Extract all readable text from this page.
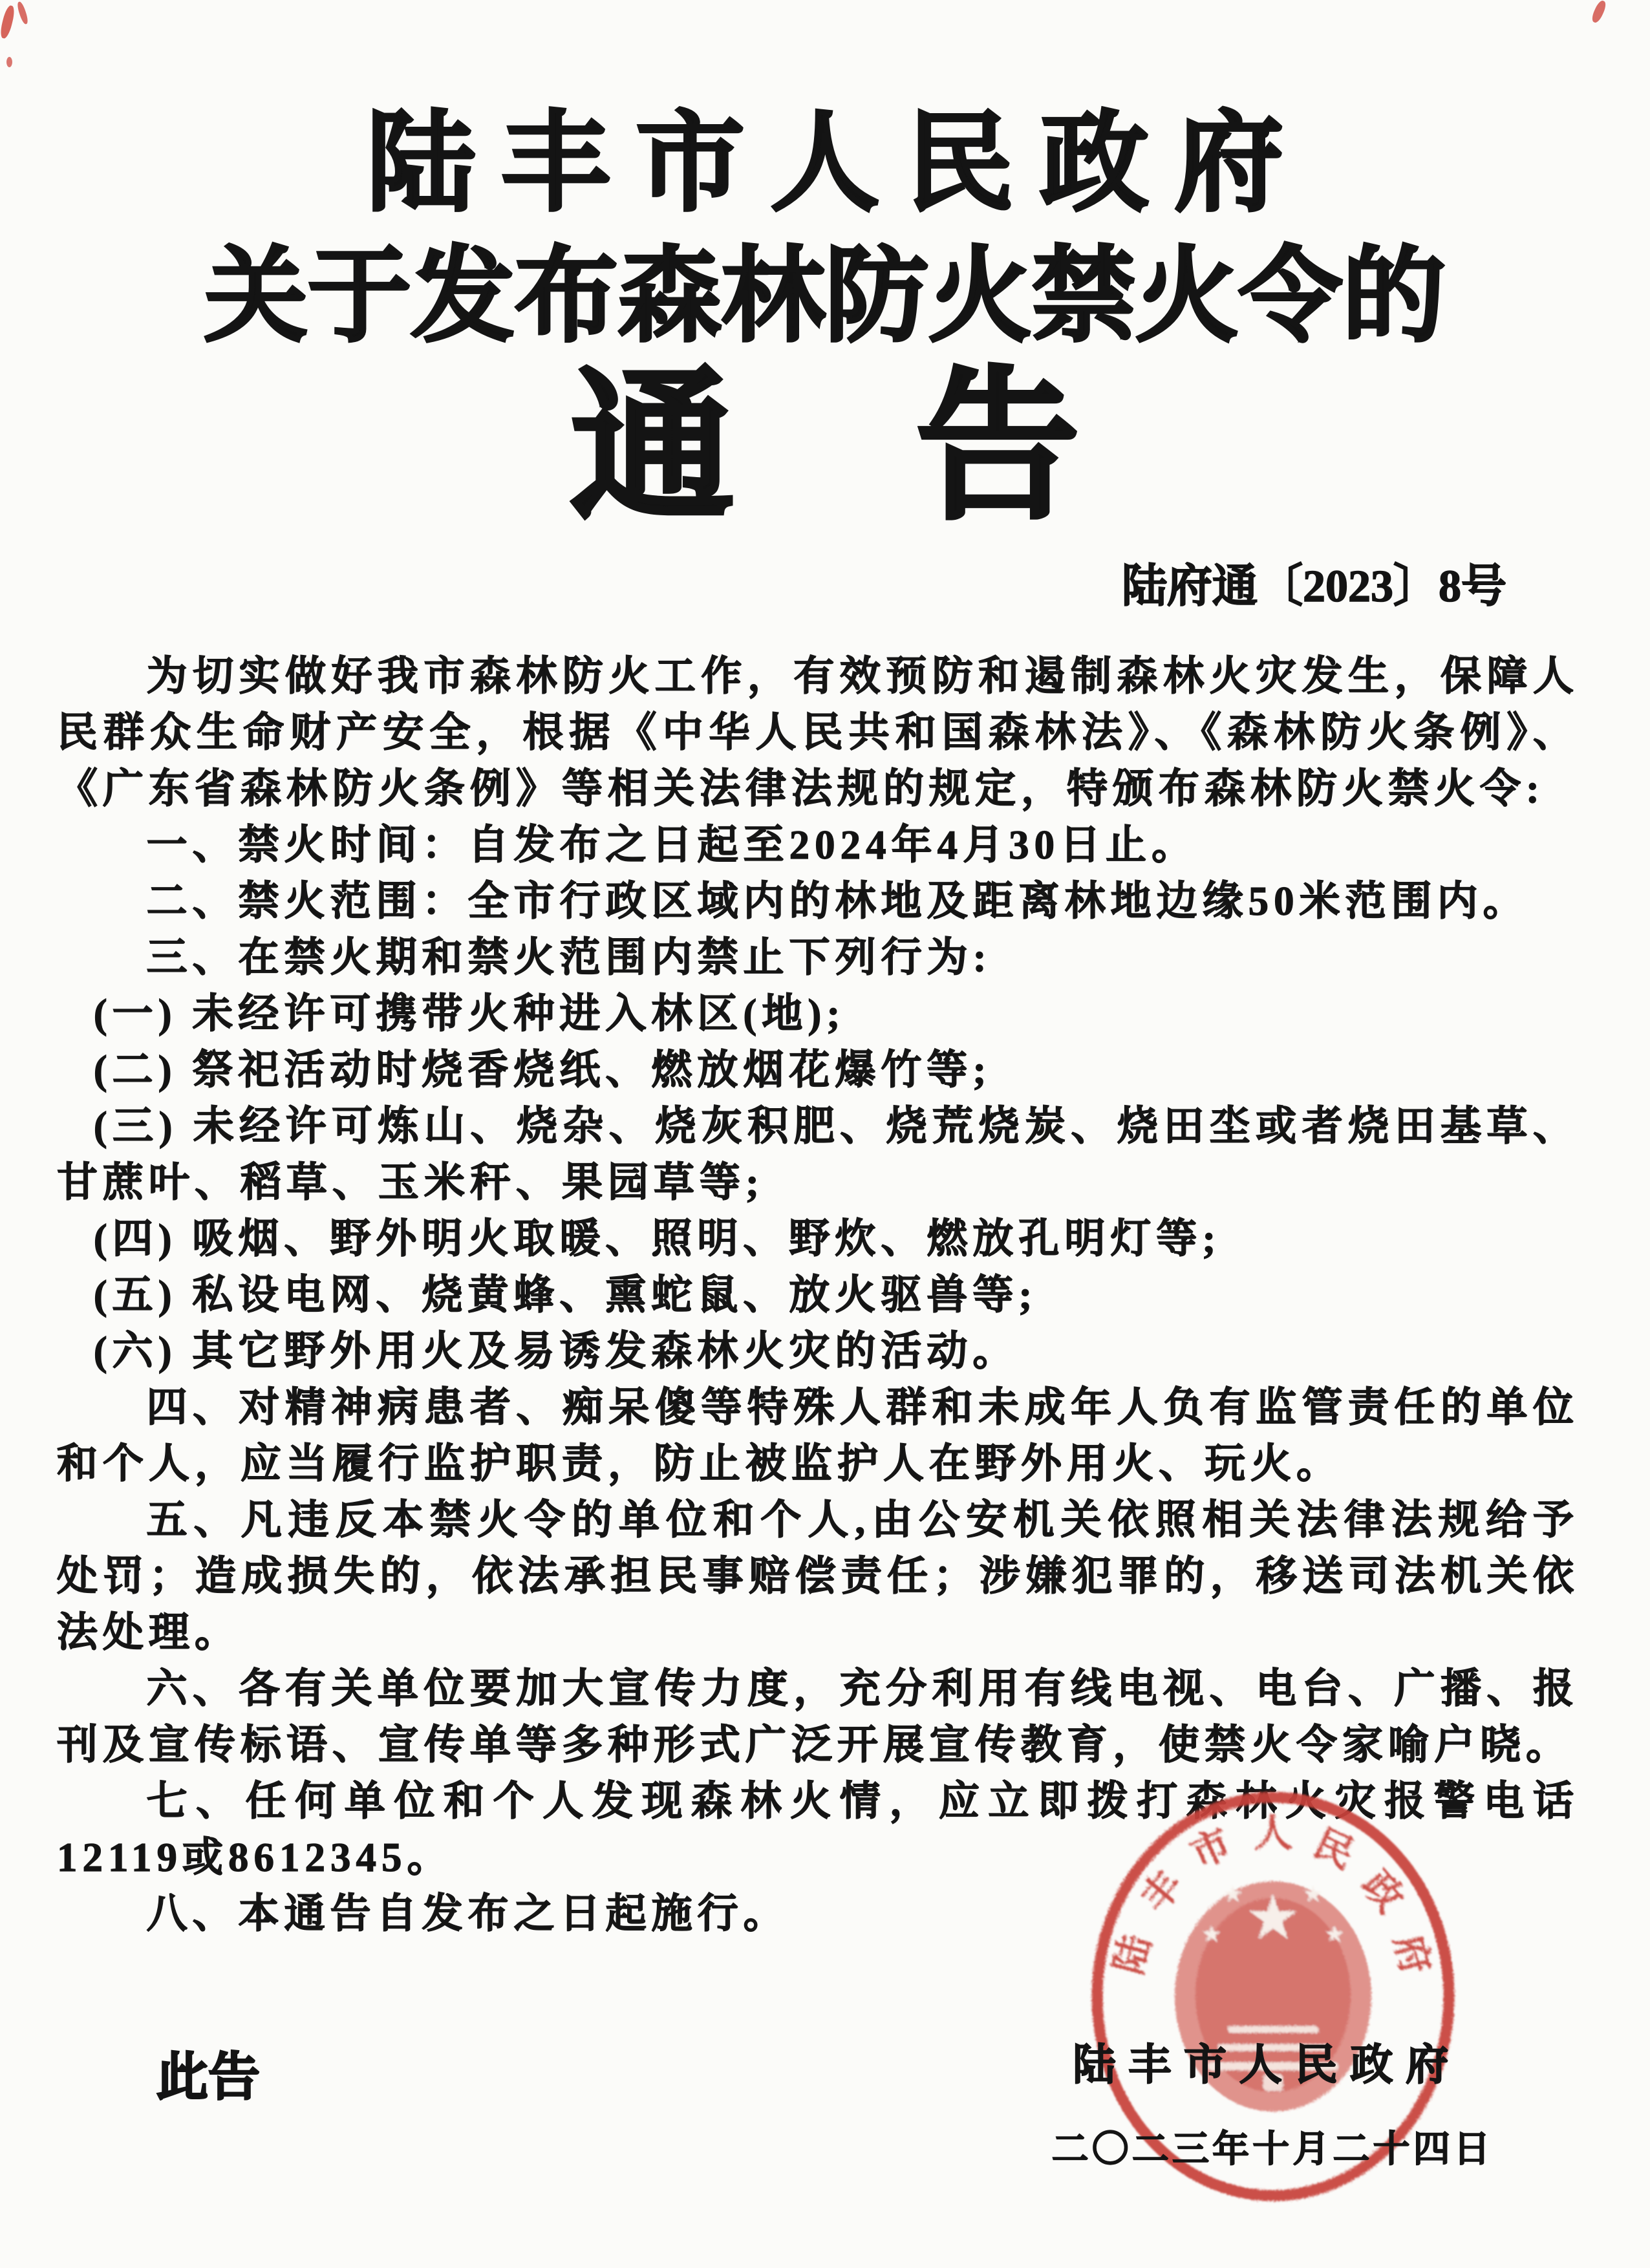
陆丰市人民政府
关于发布森林防火禁火令的
通告
陆府通〔2023〕8号

为切实做好我市森林防火工作，有效预防和遏制森林火灾发生，保障人民群众生命财产安全，根据《中华人民共和国森林法》、《森林防火条例》、《广东省森林防火条例》等相关法律法规的规定，特颁布森林防火禁火令:

一、禁火时间：自发布之日起至2024年4月30日止。

二、禁火范围：全市行政区域内的林地及距离林地边缘50米范围内。

三、在禁火期和禁火范围内禁止下列行为:

(一) 未经许可携带火种进入林区(地);

(二) 祭祀活动时烧香烧纸、燃放烟花爆竹等;

(三) 未经许可炼山、烧杂、烧灰积肥、烧荒烧炭、烧田坔或者烧田基草、甘蔗叶、稻草、玉米秆、果园草等;

(四) 吸烟、野外明火取暖、照明、野炊、燃放孔明灯等;

(五) 私设电网、烧黄蜂、熏蛇鼠、放火驱兽等;

(六) 其它野外用火及易诱发森林火灾的活动。

四、对精神病患者、痴呆傻等特殊人群和未成年人负有监管责任的单位和个人，应当履行监护职责，防止被监护人在野外用火、玩火。

五、凡违反本禁火令的单位和个人,由公安机关依照相关法律法规给予处罚；造成损失的，依法承担民事赔偿责任；涉嫌犯罪的，移送司法机关依法处理。

六、各有关单位要加大宣传力度，充分利用有线电视、电台、广播、报刊及宣传标语、宣传单等多种形式广泛开展宣传教育，使禁火令家喻户晓。

七、任何单位和个人发现森林火情，应立即拨打森林火灾报警电话12119或8612345。

八、本通告自发布之日起施行。

陆
丰
市 人 民
政
府
此告	陆丰市人民政府
二〇二三年十月二十四日
